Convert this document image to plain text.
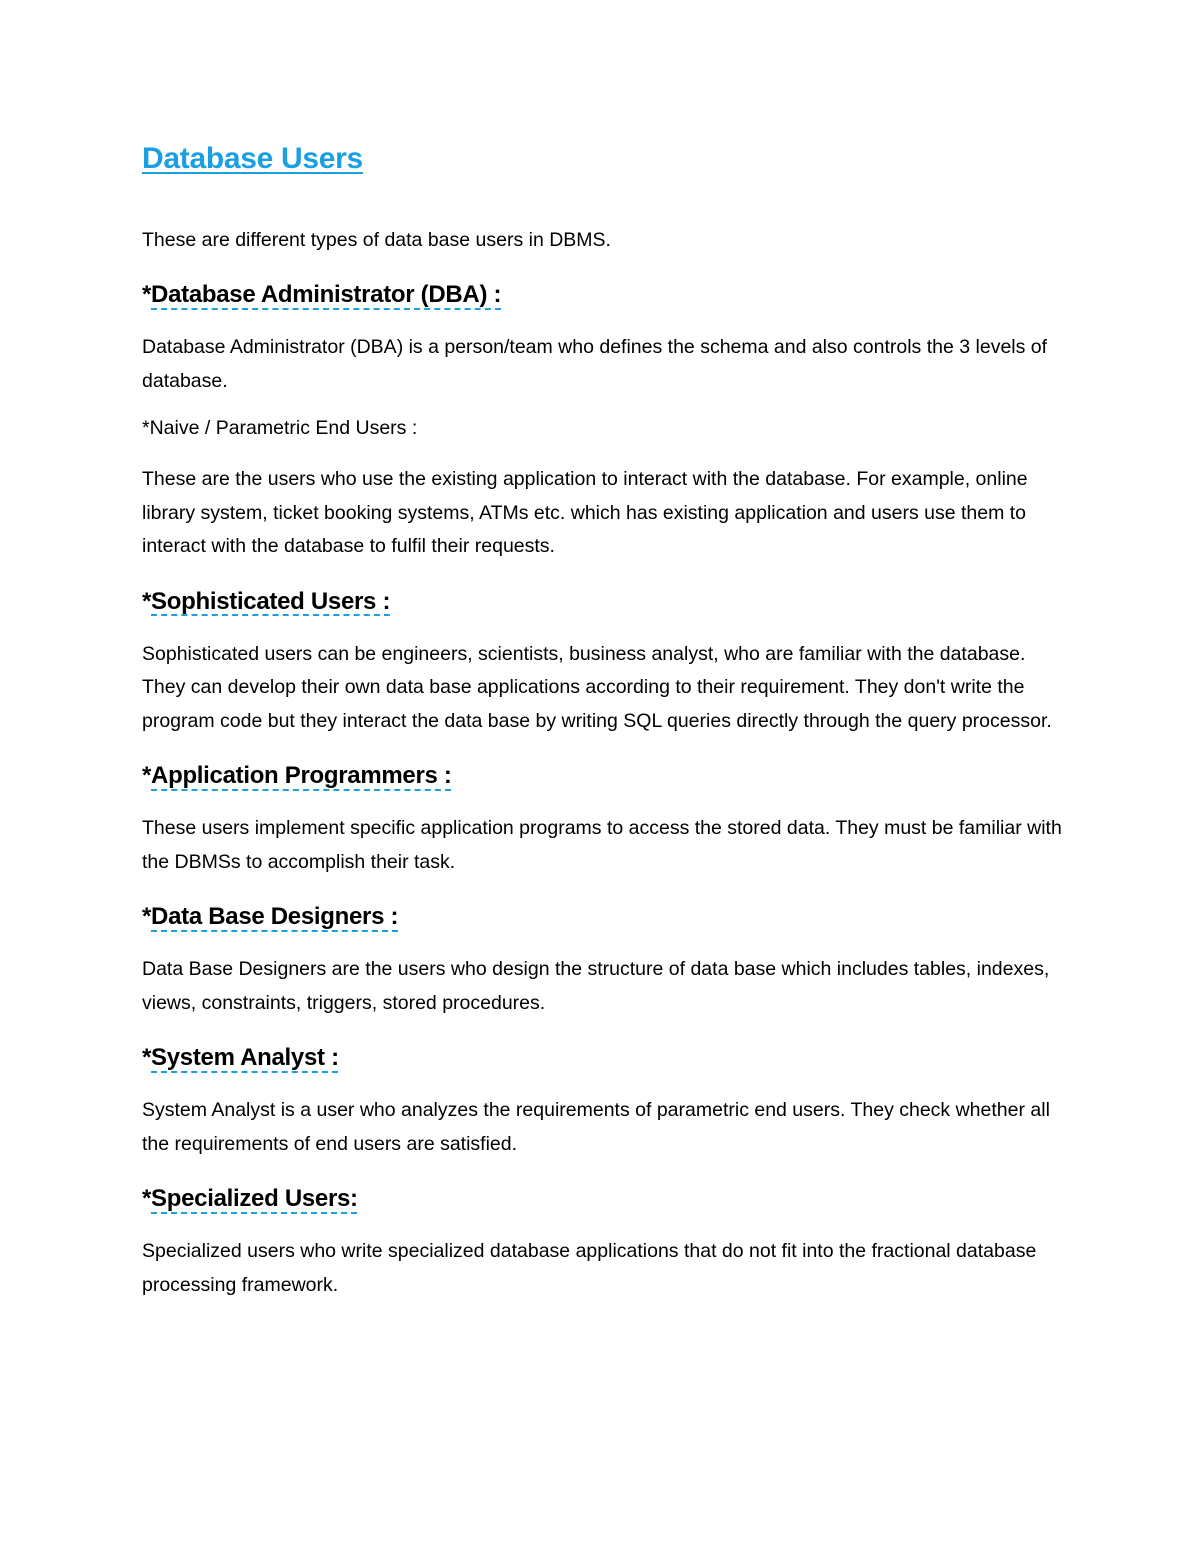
Database Users

These are different types of data base users in DBMS.

*Database Administrator (DBA) :

Database Administrator (DBA) is a person/team who defines the schema and also controls the 3 levels of database.

*Naive / Parametric End Users :

These are the users who use the existing application to interact with the database. For example, online library system, ticket booking systems, ATMs etc. which has existing application and users use them to interact with the database to fulfil their requests.

*Sophisticated Users :

Sophisticated users can be engineers, scientists, business analyst, who are familiar with the database. They can develop their own data base applications according to their requirement. They don't write the program code but they interact the data base by writing SQL queries directly through the query processor.

*Application Programmers :

These users implement specific application programs to access the stored data. They must be familiar with the DBMSs to accomplish their task.

*Data Base Designers :

Data Base Designers are the users who design the structure of data base which includes tables, indexes, views, constraints, triggers, stored procedures.

*System Analyst :

System Analyst is a user who analyzes the requirements of parametric end users. They check whether all the requirements of end users are satisfied.

*Specialized Users:

Specialized users who write specialized database applications that do not fit into the fractional database processing framework.
